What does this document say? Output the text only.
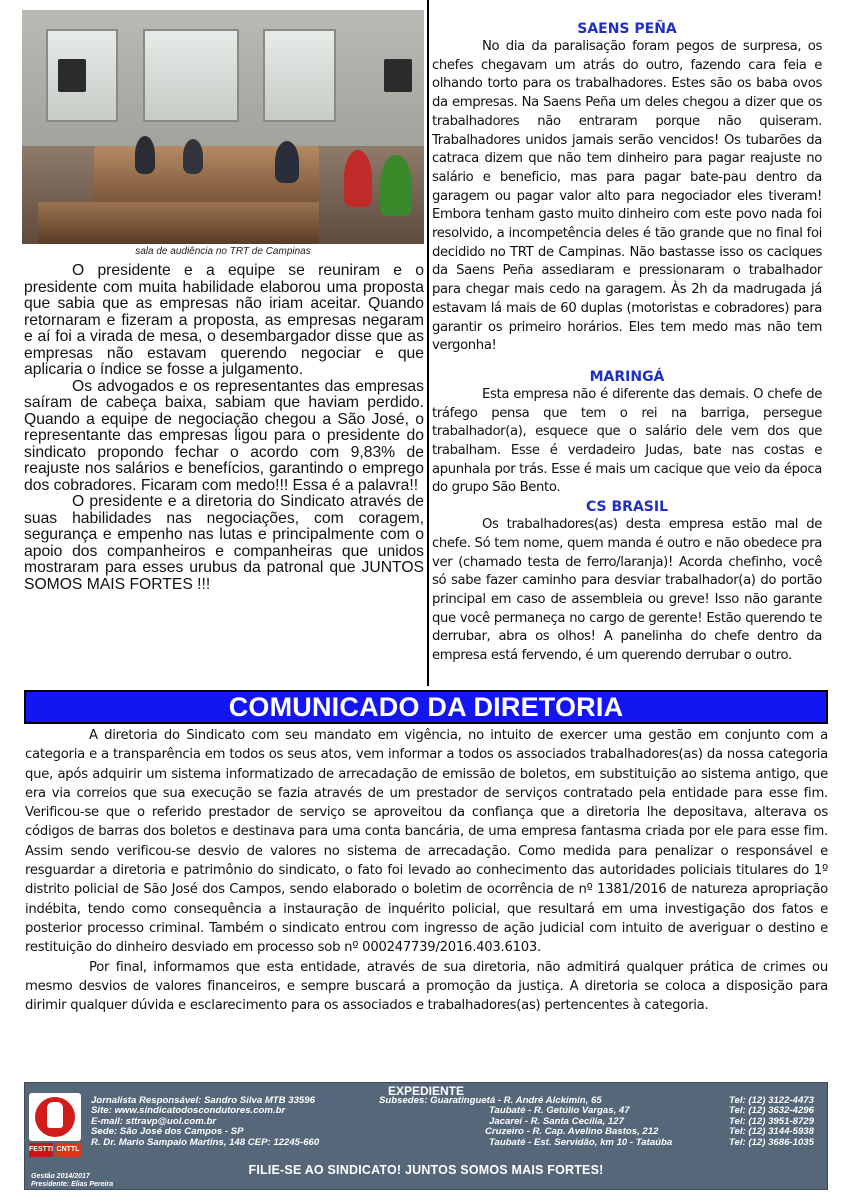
sala de audiência no TRT de Campinas

O presidente e a equipe se reuniram e o presidente com muita habilidade elaborou uma proposta que sabia que as empresas não iriam aceitar. Quando retornaram e fizeram a proposta, as empresas negaram e aí foi a virada de mesa, o desembargador disse que as empresas não estavam querendo negociar e que aplicaria o índice se fosse a julgamento.

Os advogados e os representantes das empresas saíram de cabeça baixa, sabiam que haviam perdido. Quando a equipe de negociação chegou a São José, o representante das empresas ligou para o presidente do sindicato propondo fechar o acordo com 9,83% de reajuste nos salários e benefícios, garantindo o emprego dos cobradores. Ficaram com medo!!! Essa é a palavra!!

O presidente e a diretoria do Sindicato através de suas habilidades nas negociações, com coragem, segurança e empenho nas lutas e principalmente com o apoio dos companheiros e companheiras que unidos mostraram para esses urubus da patronal que JUNTOS SOMOS MAIS FORTES !!!

SAENS PEÑA

No dia da paralisação foram pegos de surpresa, os chefes chegavam um atrás do outro, fazendo cara feia e olhando torto para os trabalhadores. Estes são os baba ovos da empresas. Na Saens Peña um deles chegou a dizer que os trabalhadores não entraram porque não quiseram. Trabalhadores unidos jamais serão vencidos! Os tubarões da catraca dizem que não tem dinheiro para pagar reajuste no salário e beneficio, mas para pagar bate-pau dentro da garagem ou pagar valor alto para negociador eles tiveram! Embora tenham gasto muito dinheiro com este povo nada foi resolvido, a incompetência deles é tão grande que no final foi decidido no TRT de Campinas. Não bastasse isso os caciques da Saens Peña assediaram e pressionaram o trabalhador para chegar mais cedo na garagem. Às 2h da madrugada já estavam lá mais de 60 duplas (motoristas e cobradores) para garantir os primeiro horários. Eles tem medo mas não tem vergonha!

MARINGÁ

Esta empresa não é diferente das demais. O chefe de tráfego pensa que tem o rei na barriga, persegue trabalhador(a), esquece que o salário dele vem dos que trabalham. Esse é verdadeiro Judas, bate nas costas e apunhala por trás. Esse é mais um cacique que veio da época do grupo São Bento.

CS BRASIL

Os trabalhadores(as) desta empresa estão mal de chefe. Só tem nome, quem manda é outro e não obedece pra ver (chamado testa de ferro/laranja)! Acorda chefinho, você só sabe fazer caminho para desviar trabalhador(a) do portão principal em caso de assembleia ou greve! Isso não garante que você permaneça no cargo de gerente! Estão querendo te derrubar, abra os olhos! A panelinha do chefe dentro da empresa está fervendo, é um querendo derrubar o outro.

COMUNICADO DA DIRETORIA

A diretoria do Sindicato com seu mandato em vigência, no intuito de exercer uma gestão em conjunto com a categoria e a transparência em todos os seus atos, vem informar a todos os associados trabalhadores(as) da nossa categoria que, após adquirir um sistema informatizado de arrecadação de emissão de boletos, em substituição ao sistema antigo, que era via correios que sua execução se fazia através de um prestador de serviços contratado pela entidade para esse fim. Verificou-se que o referido prestador de serviço se aproveitou da confiança que a diretoria lhe depositava, alterava os códigos de barras dos boletos e destinava para uma conta bancária, de uma empresa fantasma criada por ele para esse fim. Assim sendo verificou-se desvio de valores no sistema de arrecadação. Como medida para penalizar o responsável e resguardar a diretoria e patrimônio do sindicato, o fato foi levado ao conhecimento das autoridades policiais titulares do 1º distrito policial de São José dos Campos, sendo elaborado o boletim de ocorrência de nº 1381/2016 de natureza apropriação indébita, tendo como consequência a instauração de inquérito policial, que resultará em uma investigação dos fatos e posterior processo criminal. Também o sindicato entrou com ingresso de ação judicial com intuito de averiguar o destino e restituição do dinheiro desviado em processo sob nº 000247739/2016.403.6103.

Por final, informamos que esta entidade, através de sua diretoria, não admitirá qualquer prática de crimes ou mesmo desvios de valores financeiros, e sempre buscará a promoção da justiça. A diretoria se coloca a disposição para dirimir qualquer dúvida e esclarecimento para os associados e trabalhadores(as) pertencentes à categoria.

EXPEDIENTE
FESTTI CNTTL
Gestão 2014/2017
Presidente: Elias Pereira
Jornalista Responsável: Sandro Silva MTB 33596
Site: www.sindicatodoscondutores.com.br
E-mail: sttravp@uol.com.br
Sede: São José dos Campos - SP
R. Dr. Mario Sampaio Martins, 148 CEP: 12245-660
Subsedes: Guaratinguetá - R. André Alckimin, 65
Taubaté - R. Getúlio Vargas, 47
Jacareí - R. Santa Cecília, 127
Cruzeiro - R. Cap. Avelino Bastos, 212
Taubaté - Est. Servidão, km 10 - Tataúba
Tel: (12) 3122-4473
Tel: (12) 3632-4296
Tel: (12) 3951-8729
Tel: (12) 3144-5938
Tel: (12) 3686-1035
FILIE-SE AO SINDICATO! JUNTOS SOMOS MAIS FORTES!
